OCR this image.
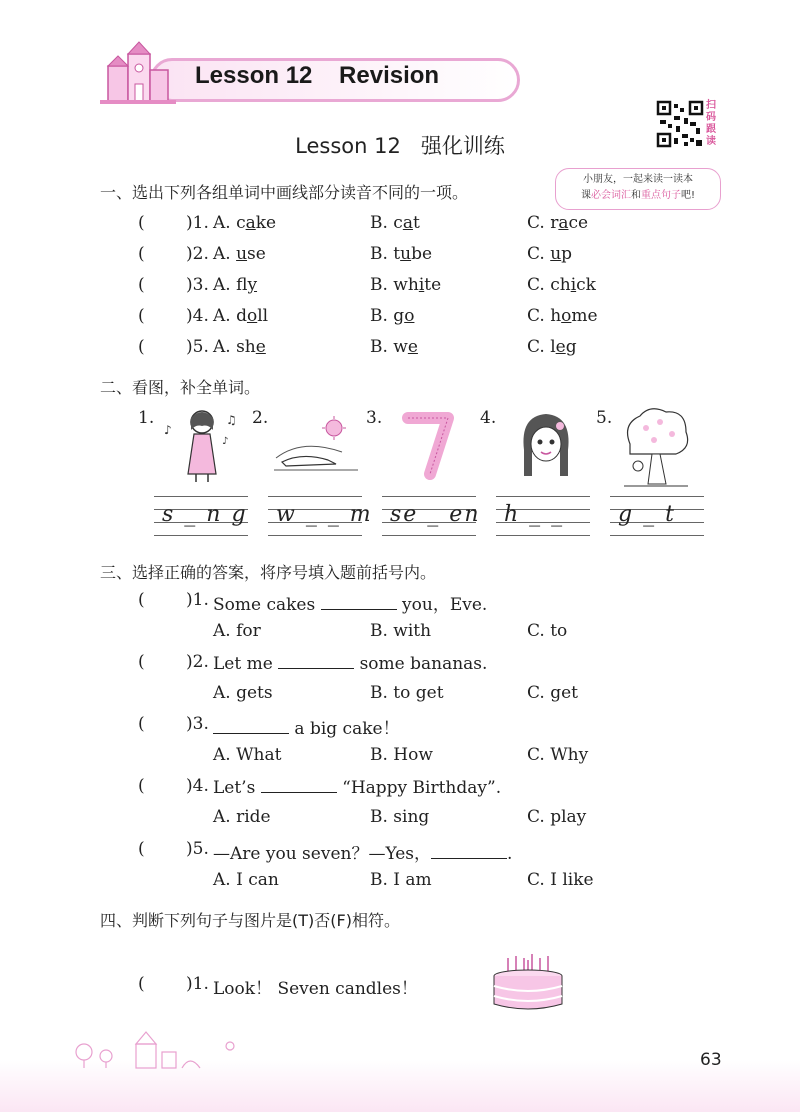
Lesson 12    Revision
扫码跟读
Lesson 12   强化训练
小朋友，一起来读一读本
课必会词汇和重点句子吧!
一、选出下列各组单词中画线部分读音不同的一项。
( )1. A. cake	B. cat	C. race
( )2. A. use	B. tube	C. up
( )3. A. fly	B. white	C. chick
( )4. A. doll	B. go	C. home
( )5. A. she	B. we	C. leg
二、看图，补全单词。
1.	2.	3.	4.	5.
♪
♫
♪
s _ n g w _ _ m se _ en h _ _ g _ t
三、选择正确的答案，将序号填入题前括号内。
( )1. Some cakes	you，Eve.
A. for	B. with	C. to
( )2. Let me	some bananas.
A. gets	B. to get	C. get
( )3.	a big cake！
A. What	B. How	C. Why
( )4. Let’s	“Happy Birthday”.
A. ride	B. sing	C. play
( )5. —Are you seven？—Yes，	.
A. I can	B. I am	C. I like
四、判断下列句子与图片是(T)否(F)相符。
( )1. Look！ Seven candles！
63
